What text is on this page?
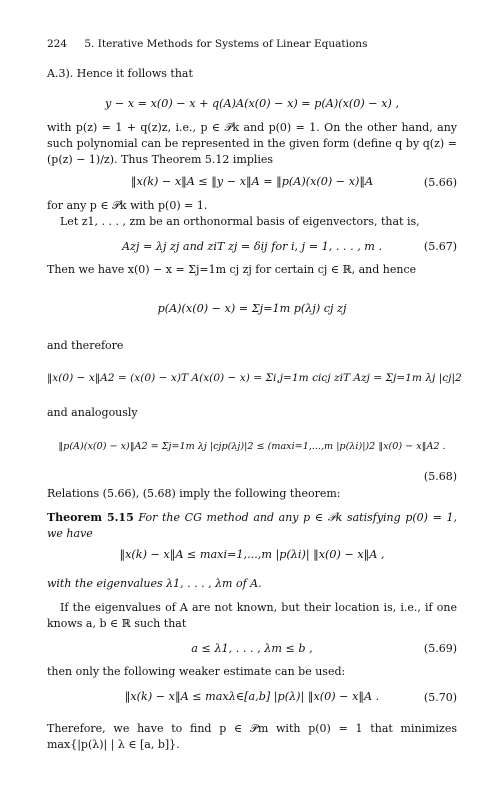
224 5. Iterative Methods for Systems of Linear Equations
A.3). Hence it follows that
y − x = x(0) − x + q(A)A(x(0) − x) = p(A)(x(0) − x) ,
with p(z) = 1 + q(z)z, i.e., p ∈ 𝒫k and p(0) = 1. On the other hand, any such polynomial can be represented in the given form (define q by q(z) = (p(z) − 1)/z). Thus Theorem 5.12 implies
‖x(k) − x‖A ≤ ‖y − x‖A = ‖p(A)(x(0) − x)‖A	(5.66)
for any p ∈ 𝒫k with p(0) = 1.
Let z1, . . . , zm be an orthonormal basis of eigenvectors, that is,
Azj = λj zj and ziT zj = δij for i, j = 1, . . . , m .	(5.67)
Then we have x(0) − x = Σj=1m cj zj for certain cj ∈ ℝ, and hence
p(A)(x(0) − x) = Σj=1m p(λj) cj zj
and therefore
‖x(0) − x‖A2 = (x(0) − x)T A(x(0) − x) = Σi,j=1m cicj ziT Azj = Σj=1m λj |cj|2
and analogously
‖p(A)(x(0) − x)‖A2 = Σj=1m λj |cjp(λj)|2 ≤ (maxi=1,...,m |p(λi)|)2 ‖x(0) − x‖A2 .
(5.68)
Relations (5.66), (5.68) imply the following theorem:
Theorem 5.15 For the CG method and any p ∈ 𝒫k satisfying p(0) = 1, we have
‖x(k) − x‖A ≤ maxi=1,...,m |p(λi)| ‖x(0) − x‖A ,
with the eigenvalues λ1, . . . , λm of A.
If the eigenvalues of A are not known, but their location is, i.e., if one knows a, b ∈ ℝ such that
a ≤ λ1, . . . , λm ≤ b ,	(5.69)
then only the following weaker estimate can be used:
‖x(k) − x‖A ≤ maxλ∈[a,b] |p(λ)| ‖x(0) − x‖A .	(5.70)
Therefore, we have to find p ∈ 𝒫m with p(0) = 1 that minimizes max{|p(λ)| | λ ∈ [a, b]}.
